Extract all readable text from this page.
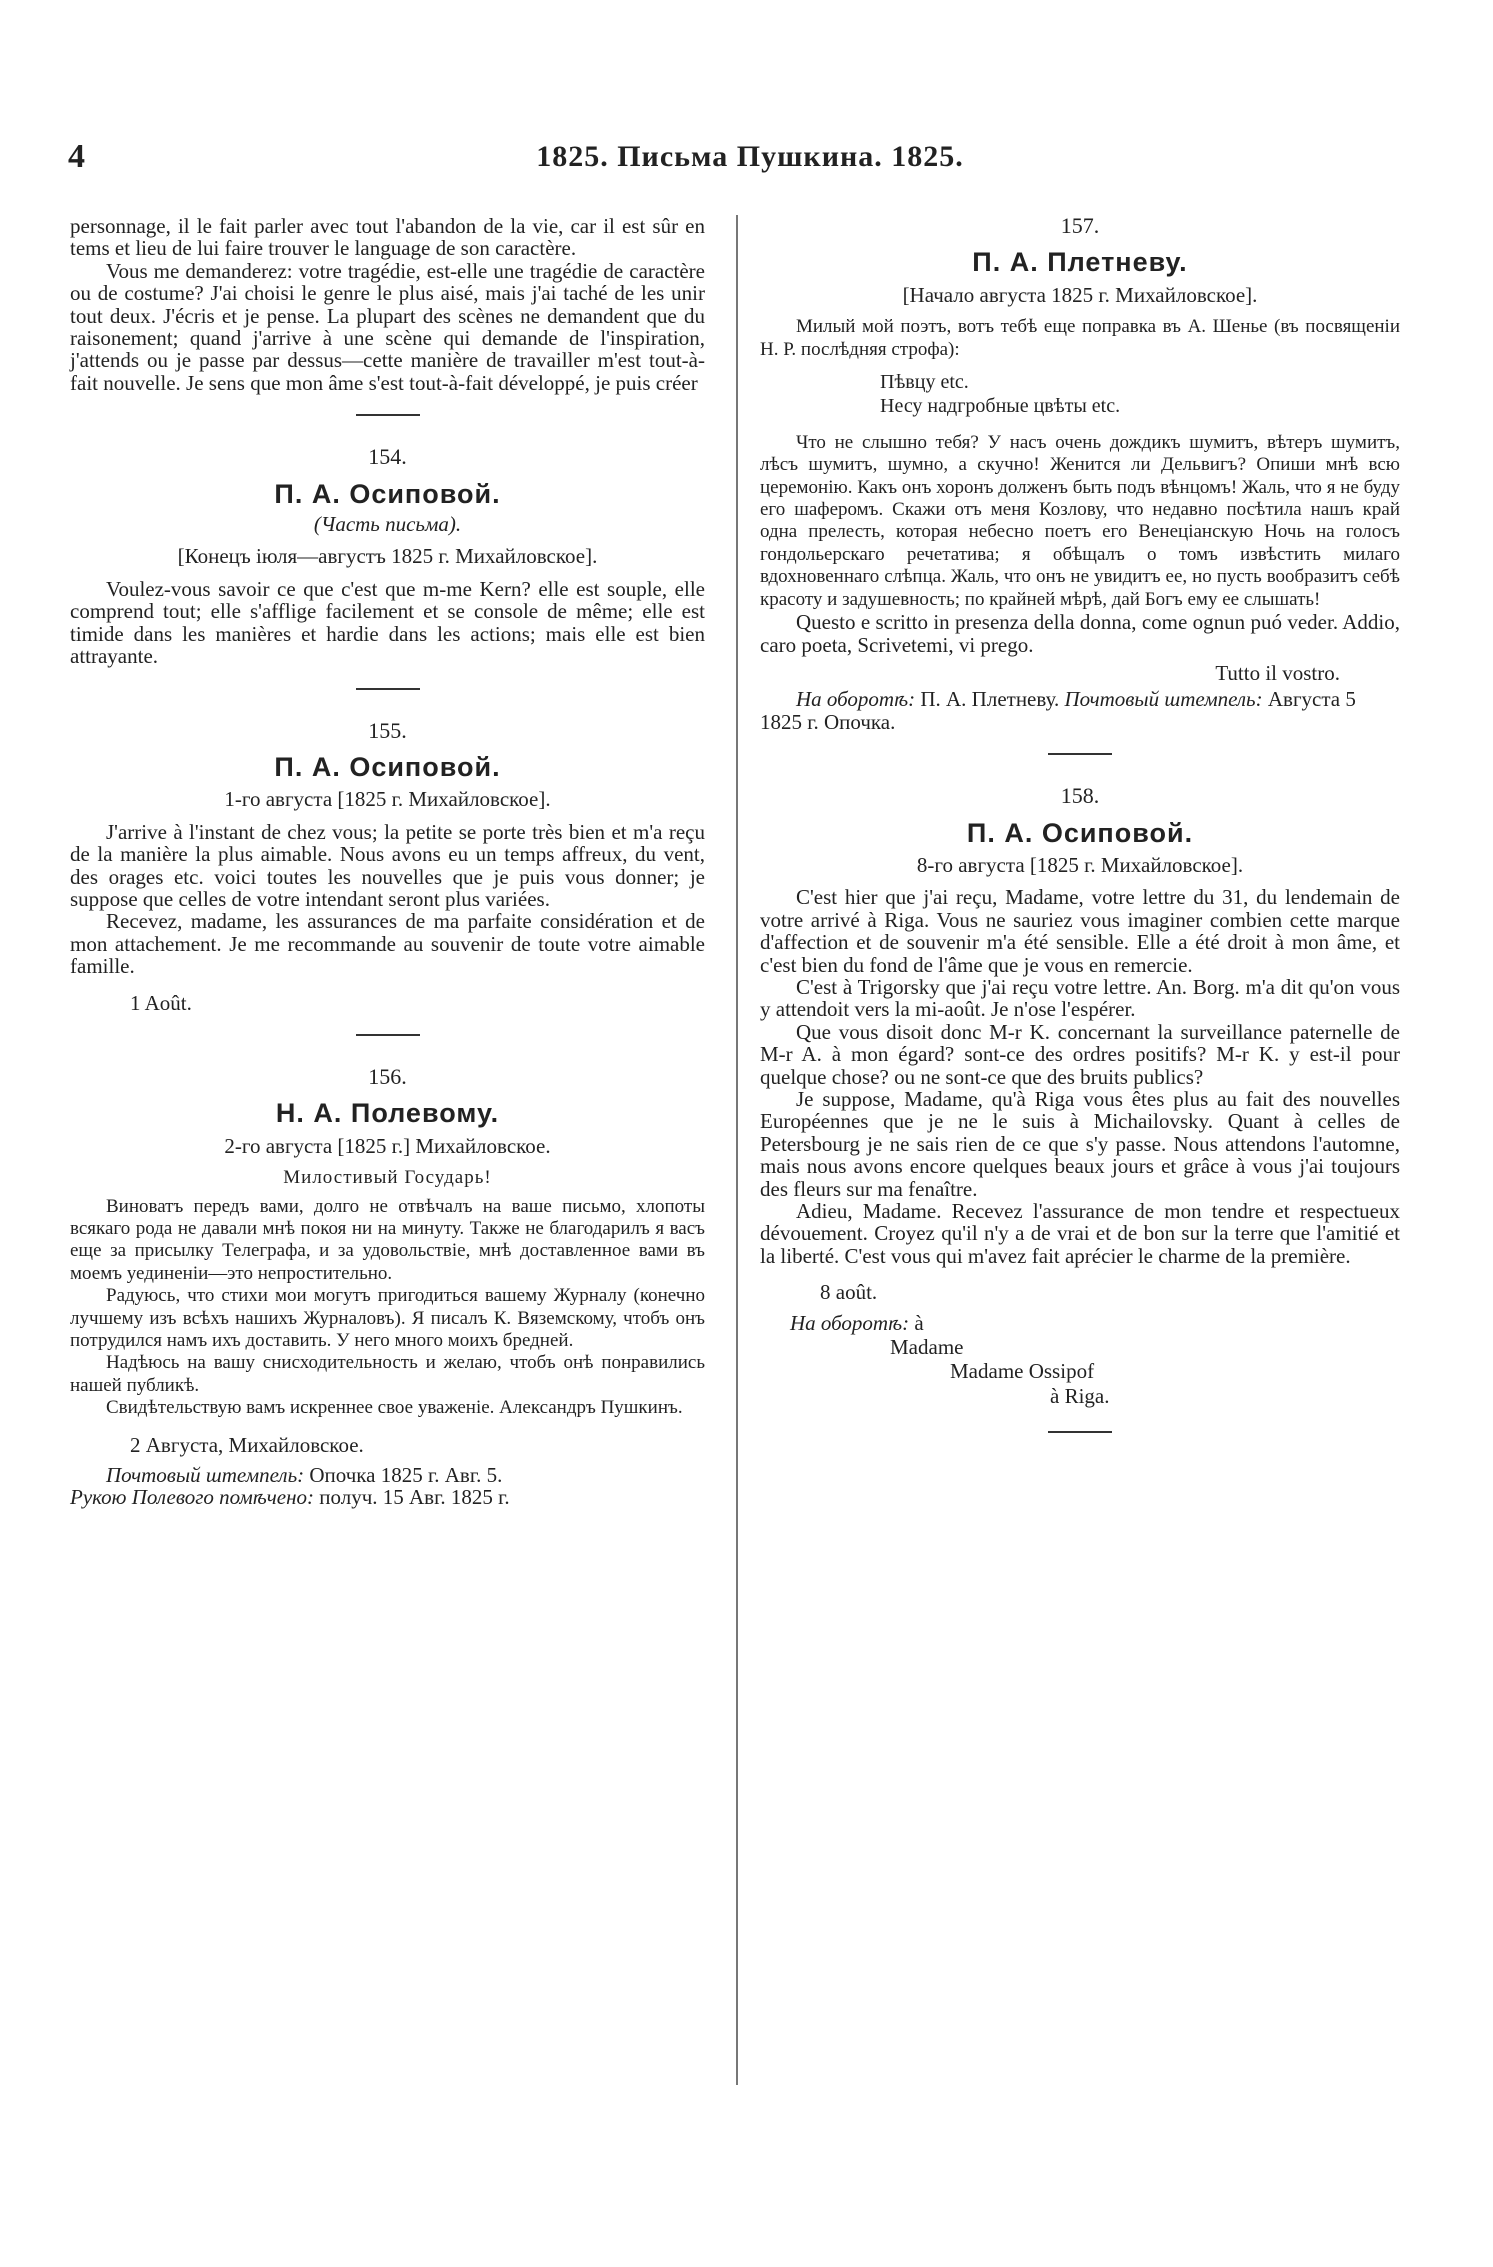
4	1825. Письма Пушкина. 1825.

personnage, il le fait parler avec tout l'abandon de la vie, car il est sûr en tems et lieu de lui faire trouver le language de son caractère.

Vous me demanderez: votre tragédie, est-elle une tragédie de caractère ou de costume? J'ai choisi le genre le plus aisé, mais j'ai taché de les unir tout deux. J'écris et je pense. La plupart des scènes ne demandent que du raisonement; quand j'arrive à une scène qui demande de l'inspiration, j'attends ou je passe par dessus—cette manière de travailler m'est tout-à-fait nouvelle. Je sens que mon âme s'est tout-à-fait développé, je puis créer

154.
П. А. Осиповой.
(Часть письма).
[Конецъ іюля—августъ 1825 г. Михайловское].

Voulez-vous savoir ce que c'est que m-me Kern? elle est souple, elle comprend tout; elle s'afflige facilement et se console de même; elle est timide dans les manières et hardie dans les actions; mais elle est bien attrayante.

155.
П. А. Осиповой.
1-го августа [1825 г. Михайловское].

J'arrive à l'instant de chez vous; la petite se porte très bien et m'a reçu de la manière la plus aimable. Nous avons eu un temps affreux, du vent, des orages etc. voici toutes les nouvelles que je puis vous donner; je suppose que celles de votre intendant seront plus variées.

Recevez, madame, les assurances de ma parfaite considération et de mon attachement. Je me recommande au souvenir de toute votre aimable famille.

1 Août.
156.
Н. А. Полевому.
2-го августа [1825 г.] Михайловское.
Милостивый Государь!

Виноватъ передъ вами, долго не отвѣчалъ на ваше письмо, хлопоты всякаго рода не давали мнѣ покоя ни на минуту. Также не благодарилъ я васъ еще за присылку Телеграфа, и за удовольствіе, мнѣ доставленное вами въ моемъ уединеніи—это непростительно.

Радуюсь, что стихи мои могутъ пригодиться вашему Журналу (конечно лучшему изъ всѣхъ нашихъ Журналовъ). Я писалъ К. Вяземскому, чтобъ онъ потрудился намъ ихъ доставить. У него много моихъ бредней.

Надѣюсь на вашу снисходительность и желаю, чтобъ онѣ понравились нашей публикѣ.

Свидѣтельствую вамъ искреннее свое уваженіе. Александръ Пушкинъ.

2 Августа, Михайловское.

Почтовый штемпель: Опочка 1825 г. Авг. 5.

Рукою Полевого помѣчено: получ. 15 Авг. 1825 г.

157.
П. А. Плетневу.
[Начало августа 1825 г. Михайловское].

Милый мой поэтъ, вотъ тебѣ еще поправка въ А. Шенье (въ посвященіи Н. Р. послѣдняя строфа):

Пѣвцу etc.
Несу надгробные цвѣты etc.

Что не слышно тебя? У насъ очень дождикъ шумитъ, вѣтеръ шумитъ, лѣсъ шумитъ, шумно, а скучно! Женится ли Дельвигъ? Опиши мнѣ всю церемонію. Какъ онъ хоронъ долженъ быть подъ вѣнцомъ! Жаль, что я не буду его шаферомъ. Скажи отъ меня Козлову, что недавно посѣтила нашъ край одна прелесть, которая небесно поетъ его Венеціанскую Ночь на голосъ гондольерскаго речетатива; я обѣщалъ о томъ извѣстить милаго вдохновеннаго слѣпца. Жаль, что онъ не увидитъ ее, но пусть вообразитъ себѣ красоту и задушевность; по крайней мѣрѣ, дай Богъ ему ее слышать!

Questo e scritto in presenza della donna, come ognun puó veder. Addio, caro poeta, Scrivetemi, vi prego.

Tutto il vostro.

На оборотѣ: П. А. Плетневу. Почтовый штемпель: Августа 5 1825 г. Опочка.

158.
П. А. Осиповой.
8-го августа [1825 г. Михайловское].

C'est hier que j'ai reçu, Madame, votre lettre du 31, du lendemain de votre arrivé à Riga. Vous ne sauriez vous imaginer combien cette marque d'affection et de souvenir m'a été sensible. Elle a été droit à mon âme, et c'est bien du fond de l'âme que je vous en remercie.

C'est à Trigorsky que j'ai reçu votre lettre. An. Borg. m'a dit qu'on vous y attendoit vers la mi-août. Je n'ose l'espérer.

Que vous disoit donc M-r K. concernant la surveillance paternelle de M-r A. à mon égard? sont-ce des ordres positifs? M-r K. y est-il pour quelque chose? ou ne sont-ce que des bruits publics?

Je suppose, Madame, qu'à Riga vous êtes plus au fait des nouvelles Européennes que je ne le suis à Michailovsky. Quant à celles de Petersbourg je ne sais rien de ce que s'y passe. Nous attendons l'automne, mais nous avons encore quelques beaux jours et grâce à vous j'ai toujours des fleurs sur ma fenaître.

Adieu, Madame. Recevez l'assurance de mon tendre et respectueux dévouement. Croyez qu'il n'y a de vrai et de bon sur la terre que l'amitié et la liberté. C'est vous qui m'avez fait aprécier le charme de la première.

8 août.
На оборотѣ: à
Madame
Madame Ossipof
à Riga.
